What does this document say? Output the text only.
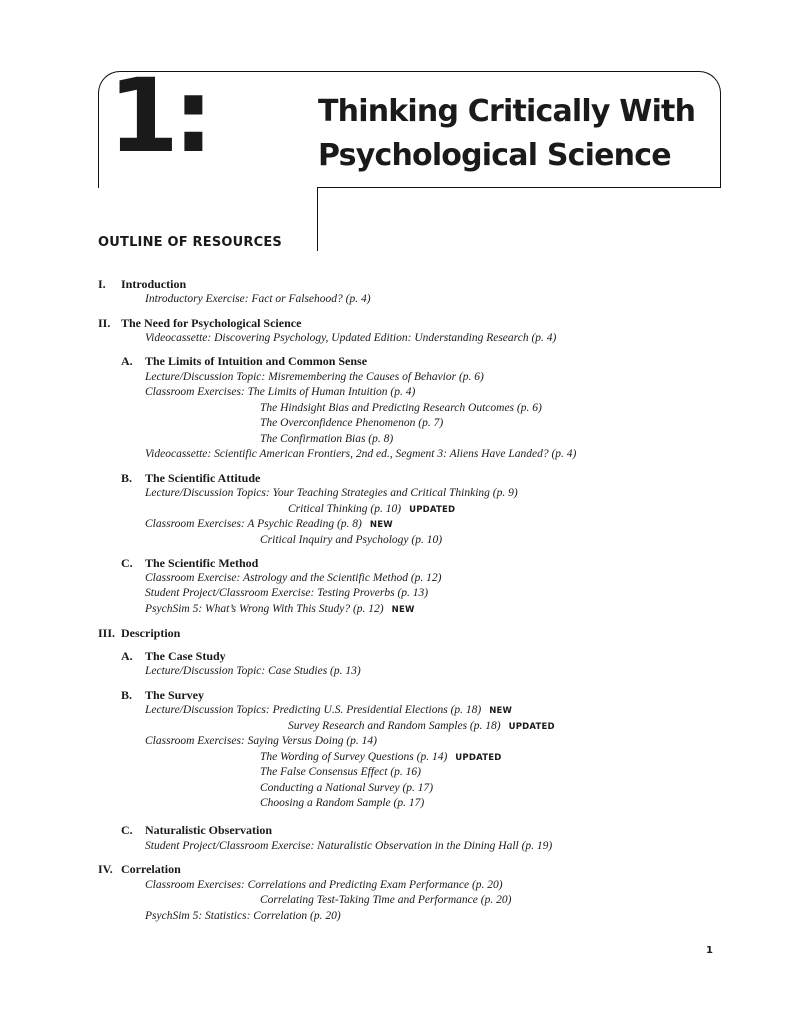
1:	Thinking Critically With
Psychological Science
OUTLINE OF RESOURCES
I. Introduction
Introductory Exercise: Fact or Falsehood? (p. 4)
II. The Need for Psychological Science
Videocassette: Discovering Psychology, Updated Edition: Understanding Research (p. 4)
A. The Limits of Intuition and Common Sense
Lecture/Discussion Topic: Misremembering the Causes of Behavior (p. 6)
Classroom Exercises: The Limits of Human Intuition (p. 4)
The Hindsight Bias and Predicting Research Outcomes (p. 6)
The Overconfidence Phenomenon (p. 7)
The Confirmation Bias (p. 8)
Videocassette: Scientific American Frontiers, 2nd ed., Segment 3: Aliens Have Landed? (p. 4)
B. The Scientific Attitude
Lecture/Discussion Topics: Your Teaching Strategies and Critical Thinking (p. 9)
Critical Thinking (p. 10) UPDATED
Classroom Exercises: A Psychic Reading (p. 8) NEW
Critical Inquiry and Psychology (p. 10)
C. The Scientific Method
Classroom Exercise: Astrology and the Scientific Method (p. 12)
Student Project/Classroom Exercise: Testing Proverbs (p. 13)
PsychSim 5: What’s Wrong With This Study? (p. 12) NEW
III. Description
A. The Case Study
Lecture/Discussion Topic: Case Studies (p. 13)
B. The Survey
Lecture/Discussion Topics: Predicting U.S. Presidential Elections (p. 18) NEW
Survey Research and Random Samples (p. 18) UPDATED
Classroom Exercises: Saying Versus Doing (p. 14)
The Wording of Survey Questions (p. 14) UPDATED
The False Consensus Effect (p. 16)
Conducting a National Survey (p. 17)
Choosing a Random Sample (p. 17)
C. Naturalistic Observation
Student Project/Classroom Exercise: Naturalistic Observation in the Dining Hall (p. 19)
IV. Correlation
Classroom Exercises: Correlations and Predicting Exam Performance (p. 20)
Correlating Test-Taking Time and Performance (p. 20)
PsychSim 5: Statistics: Correlation (p. 20)
1
